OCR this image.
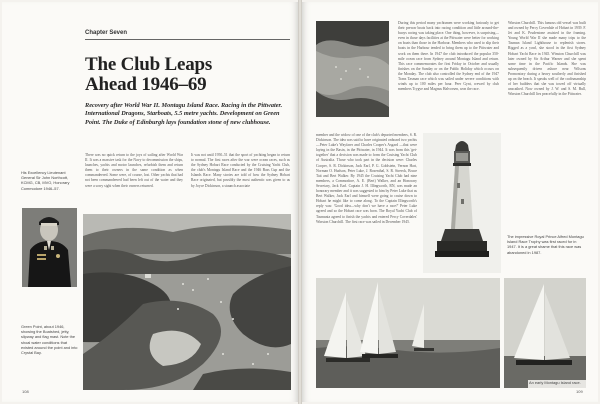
His Excellency Lieutenant General Sir John Northcott, KCMG, CB, MVO, Honorary Commodore 1946–57.
Chapter Seven
The Club Leaps
Ahead 1946–69
Recovery after World War II. Montagu Island Race. Racing in the Pittwater. International Dragons, Starboats, 5.5 metre yachts. Development on Green Point. The Duke of Edinburgh lays foundation stone of new clubhouse.
There was no quick return to the joys of sailing after World War II. It was a massive task for the Navy to decommission the ships, launches, yachts and motor launches, refurbish them and return them to their owners in the same condition as when commandeered. Some were, of course, lost. Other yachts that had not been commandeered had been left out of the water and they were a sorry sight when their owners returned.
It was not until 1950–51 that the sport of yachting began to return to normal. The first races after the war were ocean races, such as the Sydney Hobart Race conducted by the Cruising Yacht Club, the club's Montagu Island Race and the 1946 Bass Cup and the Islands Race. Many stories are told of how the Sydney Hobart Race originated, but possibly the most authentic was given to us by Joyce Dickinson, a staunch associate
Green Point, about 1946, showing the Boatshed, jetty, slipway and flag mast. Note the shoal water conditions that existed around the point and into Crystal Bay.
108
During this period many yachtsmen were working furiously to get their prewar boats back into racing condition and little around-the-buoys racing was taking place. One thing, however, is surprising—even in those days facilities at the Pittwater were better for working on boats than those in the Harbour. Members who used to slip their boats in the Harbour tended to bring them up to the Pittwater and work on them there. In 1947 the club introduced the popular 350-mile ocean race from Sydney around Montagu Island and return. This race commemorates the first Friday in October and usually finishes on the Sunday or on the Public Holiday which occurs on the Monday. The club also controlled the Sydney end of the 1947 Trans Tasman race which was sailed under severe conditions with winds up to 100 miles per hour. Peer Gynt, crewed by club members Trygve and Magnus Halvorsen, won the race.
Winston Churchill. This famous old vessel was built and owned by Percy Coverdale of Hobart in 1939. F. Jet and K. Prudentone assisted in the framing. Young World War II she made many trips to the Tasman Island Lighthouse to replenish stores. Rigged as a yawl, she stood in the first Sydney Hobart Yacht Race in 1945. Winston Churchill was later owned by Sir Arthur Warner and she spent some time in the Pacific Islands. She was subsequently driven ashore near Wilsons Promontory during a heavy southerly and finished up on the beach. It speaks well of the craftsmanship of her builders that she was towed off virtually unscathed. Now owned by J. W. and S. M. Bull, Winston Churchill lies peacefully in the Pittwater.
member and the widow of one of the club's departed members, S. R. Dickinson. The idea was said to have originated onboard two yachts—Peter Luke's Wayfarer and Charles Cooper's Asgard —that were laying in the Basin, in the Pittwater, in 1944. It was from this 'get-together' that a decision was made to form the Cruising Yacht Club of Australia. Those who took part in the decision were: Charles Cooper, S. R. Dickinson, Jack Earl, P. G. Goldstein, Vernon Hart, Norman O. Hudson, Peter Luke, J. Rosenthal, S. R. Streeck, Bruce Tait and Bert Walker. By 1945 the Cruising Yacht Club had nine members, a Commodore, A. E. (Bert) Walker, and an Honorary Secretary, Jack Earl. Captain J. H. Illingworth, RN, was made an honorary member and it was suggested to him by Peter Luke that as Bert Walker, Jack Earl and himself were going to cruise down to Hobart he might like to come along. To the Captain Illingworth's reply was: 'Good idea—why don't we have a race?' Peter Luke agreed and so the Hobart race was born. The Royal Yacht Club of Tasmania agreed to finish the yachts and entered Percy Coverdales' Winston Churchill. The first race was sailed in December 1945.
The impressive Royal Prince Alfred Montagu Island Race Trophy was first raced for in 1947. It is a great shame that this race was abandoned in 1987.
An early Montagu Island race.
109
